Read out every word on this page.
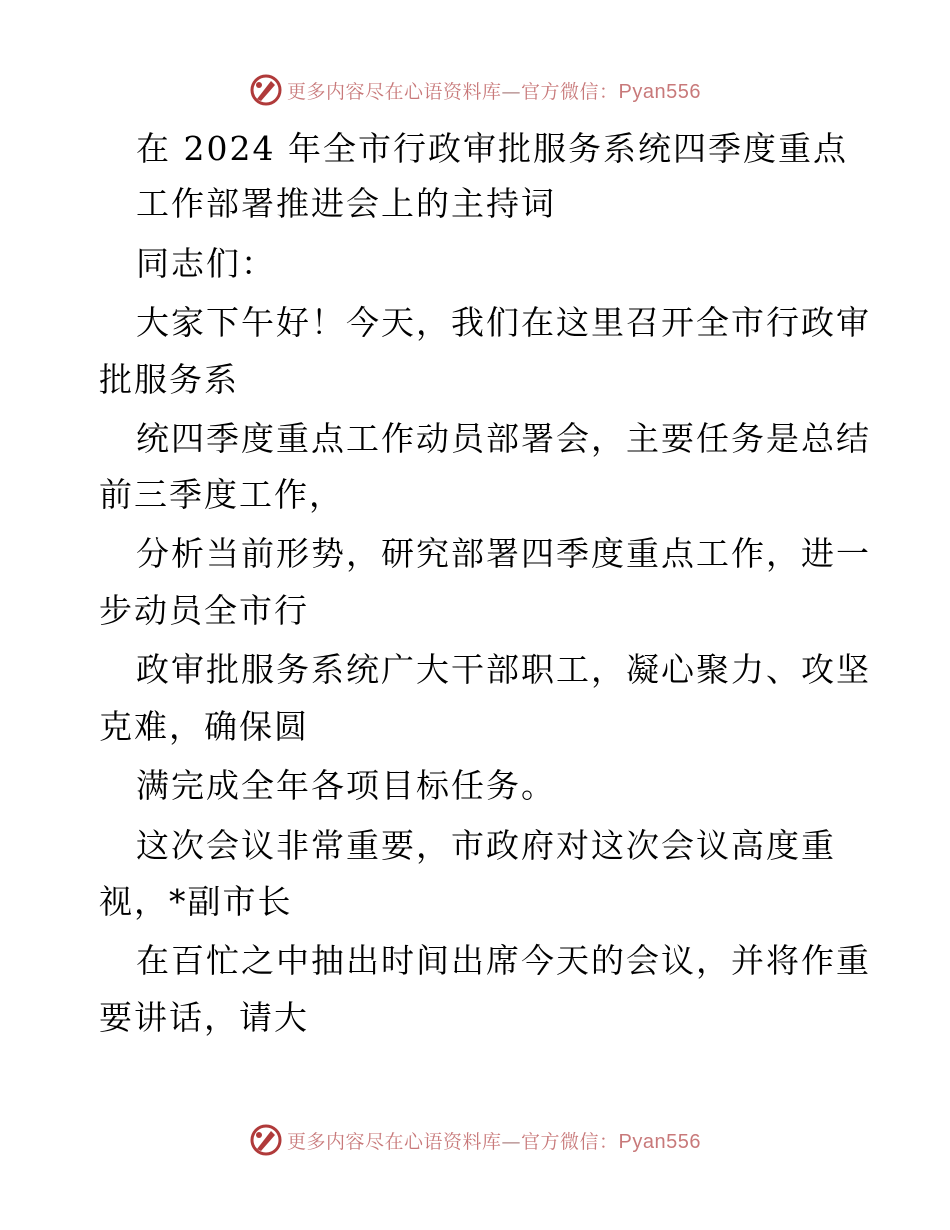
更多内容尽在心语资料库—官方微信：Pyan556
在 2024 年全市行政审批服务系统四季度重点
工作部署推进会上的主持词
同志们：
大家下午好！今天，我们在这里召开全市行政审
批服务系
统四季度重点工作动员部署会，主要任务是总结
前三季度工作，
分析当前形势，研究部署四季度重点工作，进一
步动员全市行
政审批服务系统广大干部职工，凝心聚力、攻坚
克难，确保圆
满完成全年各项目标任务。
这次会议非常重要，市政府对这次会议高度重
视，*副市长
在百忙之中抽出时间出席今天的会议，并将作重
要讲话，请大
更多内容尽在心语资料库—官方微信：Pyan556
